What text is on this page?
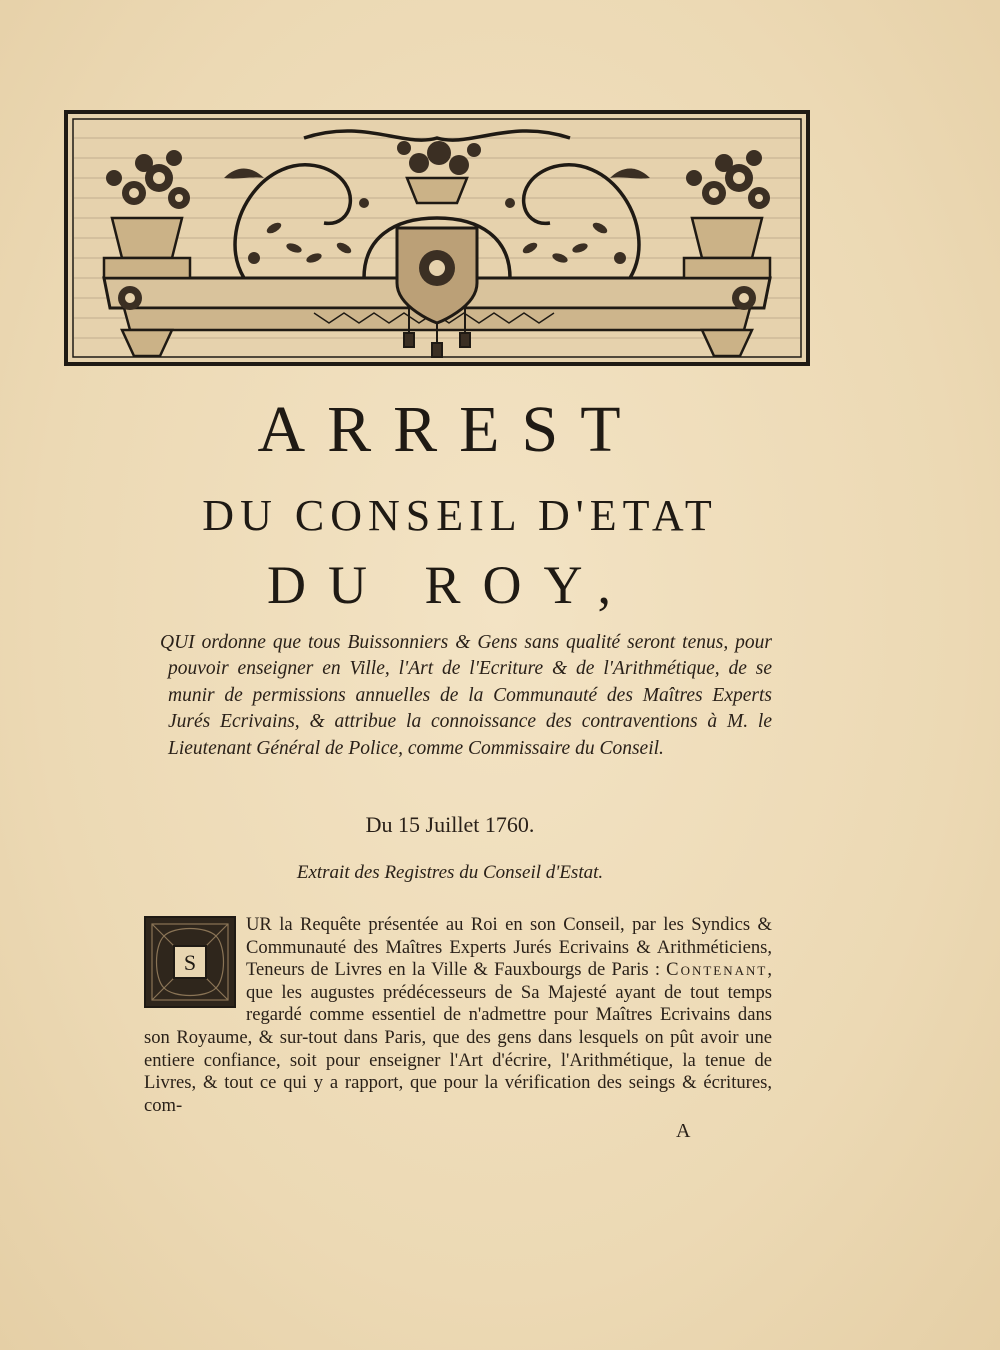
ARREST
DU CONSEIL D'ETAT
DU ROY,
QUI ordonne que tous Buissonniers & Gens sans qualité seront tenus, pour pouvoir enseigner en Ville, l'Art de l'Ecriture & de l'Arithmétique, de se munir de permissions annuelles de la Communauté des Maîtres Experts Jurés Ecrivains, & attribue la connoissance des contraventions à M. le Lieutenant Général de Police, comme Commissaire du Conseil.
Du 15 Juillet 1760.
Extrait des Registres du Conseil d'Estat.
S
UR la Requête présentée au Roi en son Conseil, par les Syndics & Communauté des Maîtres Experts Jurés Ecrivains & Arithméticiens, Teneurs de Livres en la Ville & Fauxbourgs de Paris : Contenant, que les augustes prédécesseurs de Sa Majesté ayant de tout temps regardé comme essentiel de n'admettre pour Maîtres Ecrivains dans son Royaume, & sur-tout dans Paris, que des gens dans lesquels on pût avoir une entiere confiance, soit pour enseigner l'Art d'écrire, l'Arithmétique, la tenue de Livres, & tout ce qui y a rapport, que pour la vérification des seings & écritures, com-
A
